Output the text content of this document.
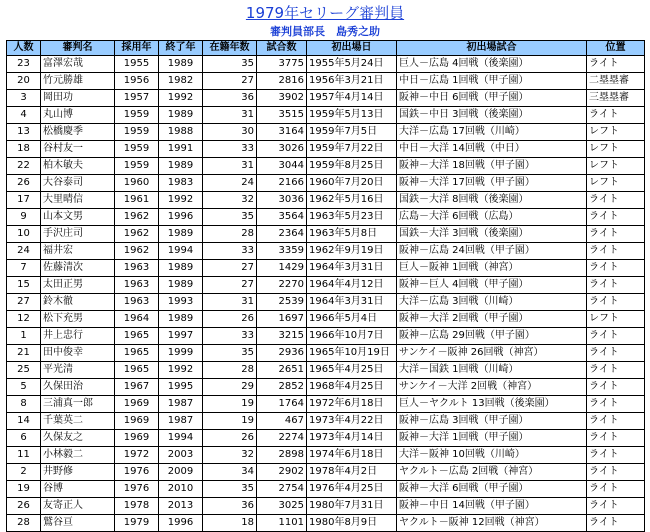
1979年セリーグ審判員
審判員部長　島秀之助
人数	審判名	採用年	終了年	在籍年数	試合数	初出場日	初出場試合	位置
23	富澤宏哉	1955	1989	35	3775	1955年5月24日	巨人－広島 4回戦（後楽園）	ライト
20	竹元勝雄	1956	1982	27	2816	1956年3月21日	中日－広島 1回戦（甲子園）	二塁塁審
3	岡田功	1957	1992	36	3902	1957年4月14日	阪神－中日 6回戦（甲子園）	三塁塁審
4	丸山博	1959	1989	31	3515	1959年5月13日	国鉄－中日 3回戦（後楽園）	ライト
13	松橋慶季	1959	1988	30	3164	1959年7月5日	大洋－広島 17回戦（川崎）	レフト
18	谷村友一	1959	1991	33	3026	1959年7月22日	中日－大洋 14回戦（中日）	レフト
22	柏木敏夫	1959	1989	31	3044	1959年8月25日	阪神－大洋 18回戦（甲子園）	レフト
26	大谷泰司	1960	1983	24	2166	1960年7月20日	阪神－大洋 17回戦（甲子園）	レフト
17	大里晴信	1961	1992	32	3036	1962年5月16日	国鉄－大洋 8回戦（後楽園）	ライト
9	山本文男	1962	1996	35	3564	1963年5月23日	広島－大洋 6回戦（広島）	ライト
10	手沢庄司	1962	1989	28	2364	1963年5月8日	国鉄－大洋 3回戦（後楽園）	ライト
24	福井宏	1962	1994	33	3359	1962年9月19日	阪神－広島 24回戦（甲子園）	ライト
7	佐藤清次	1963	1989	27	1429	1964年3月31日	巨人－阪神 1回戦（神宮）	ライト
15	太田正男	1963	1989	27	2270	1964年4月12日	阪神－巨人 4回戦（甲子園）	ライト
27	鈴木徹	1963	1993	31	2539	1964年3月31日	大洋－広島 3回戦（川崎）	ライト
12	松下充男	1964	1989	26	1697	1966年5月4日	阪神－大洋 2回戦（甲子園）	レフト
1	井上忠行	1965	1997	33	3215	1966年10月7日	阪神－広島 29回戦（甲子園）	ライト
21	田中俊幸	1965	1999	35	2936	1965年10月19日	サンケイ－阪神 26回戦（神宮）	ライト
25	平光清	1965	1992	28	2651	1965年4月25日	大洋－国鉄 1回戦（川崎）	ライト
5	久保田治	1967	1995	29	2852	1968年4月25日	サンケイ－大洋 2回戦（神宮）	ライト
8	三浦真一郎	1969	1987	19	1764	1972年6月18日	巨人－ヤクルト 13回戦（後楽園）	ライト
14	千葉英二	1969	1987	19	467	1973年4月22日	阪神－広島 3回戦（甲子園）	ライト
6	久保友之	1969	1994	26	2274	1973年4月14日	阪神－大洋 1回戦（甲子園）	ライト
11	小林毅二	1972	2003	32	2898	1974年6月18日	大洋－阪神 10回戦（川崎）	ライト
2	井野修	1976	2009	34	2902	1978年4月2日	ヤクルト－広島 2回戦（神宮）	ライト
19	谷博	1976	2010	35	2754	1976年4月25日	阪神－大洋 6回戦（甲子園）	ライト
26	友寄正人	1978	2013	36	3025	1980年7月31日	阪神－中日 14回戦（甲子園）	ライト
28	鷲谷亘	1979	1996	18	1101	1980年8月9日	ヤクルト－阪神 12回戦（神宮）	ライト
